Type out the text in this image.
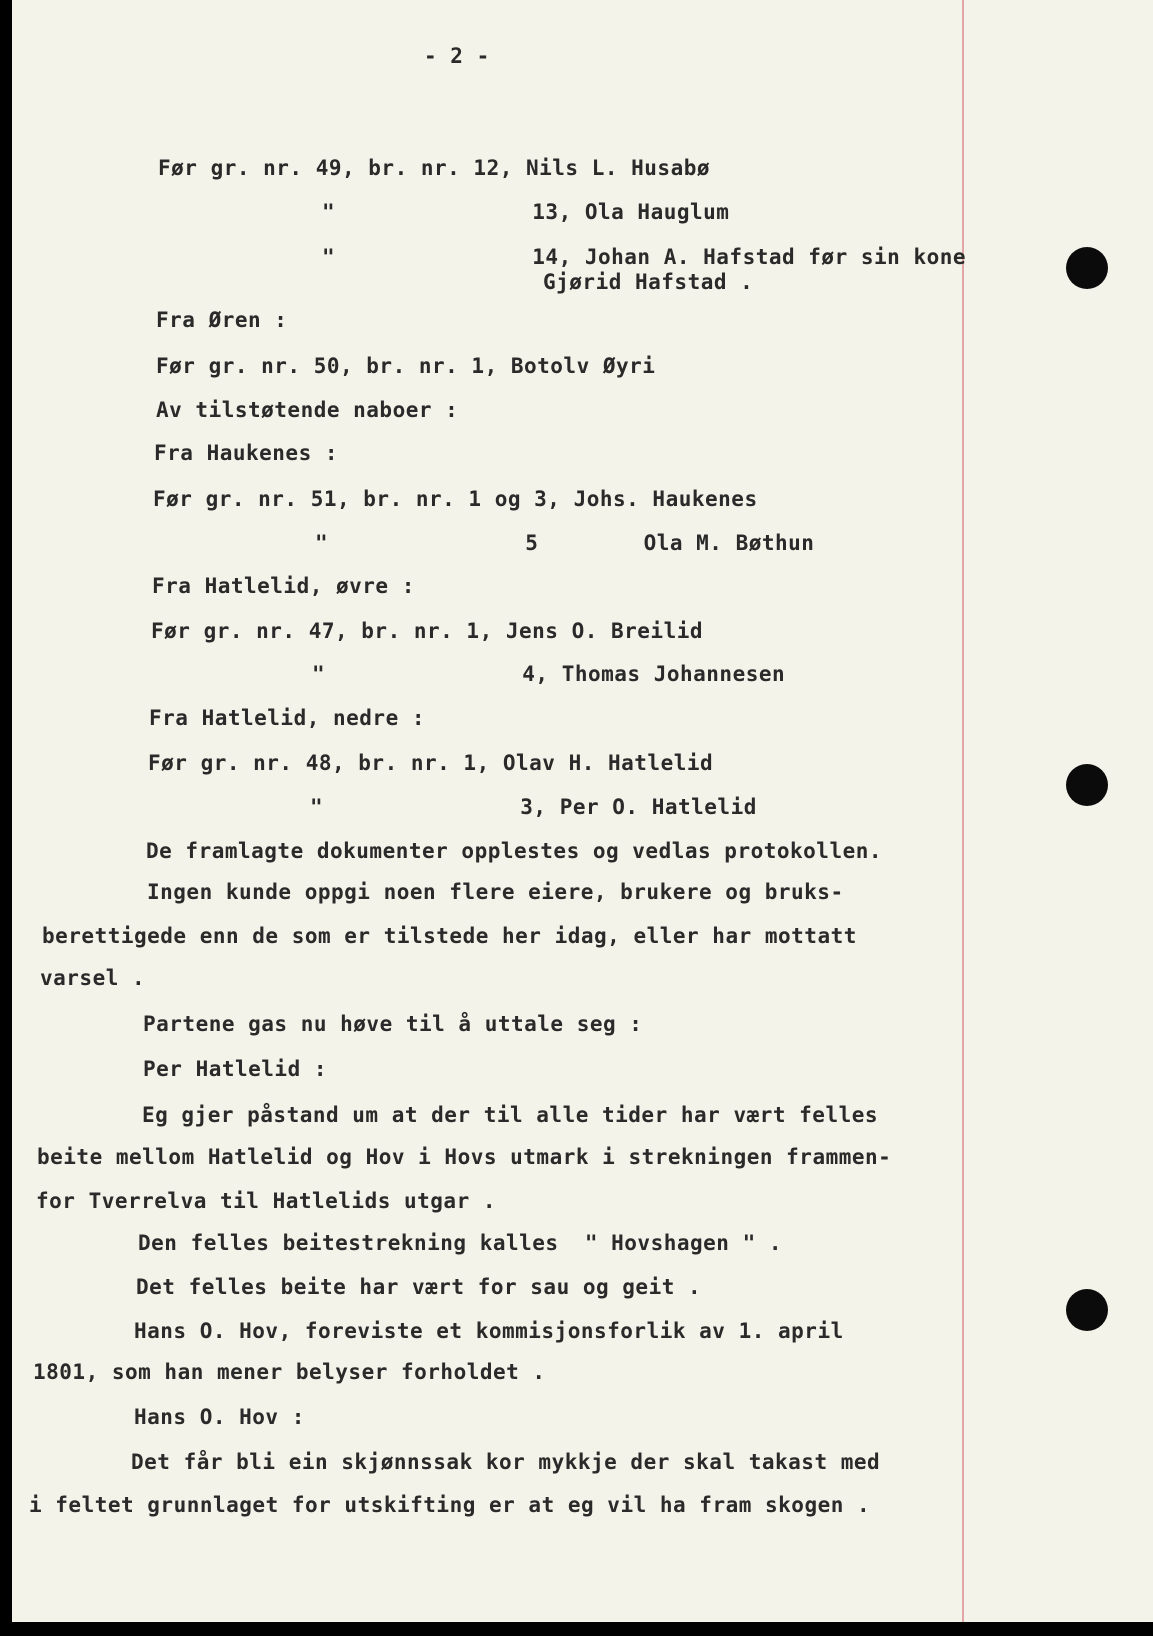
- 2 -
Før gr. nr. 49, br. nr. 12, Nils L. Husabø
"               13, Ola Hauglum
"               14, Johan A. Hafstad før sin kone
Gjørid Hafstad .
Fra Øren :
Før gr. nr. 50, br. nr. 1, Botolv Øyri
Av tilstøtende naboer :
Fra Haukenes :
Før gr. nr. 51, br. nr. 1 og 3, Johs. Haukenes
"               5        Ola M. Bøthun
Fra Hatlelid, øvre :
Før gr. nr. 47, br. nr. 1, Jens O. Breilid
"               4, Thomas Johannesen
Fra Hatlelid, nedre :
Før gr. nr. 48, br. nr. 1, Olav H. Hatlelid
"               3, Per O. Hatlelid
De framlagte dokumenter opplestes og vedlas protokollen.
Ingen kunde oppgi noen flere eiere, brukere og bruks-
berettigede enn de som er tilstede her idag, eller har mottatt
varsel .
Partene gas nu høve til å uttale seg :
Per Hatlelid :
Eg gjer påstand um at der til alle tider har vært felles
beite mellom Hatlelid og Hov i Hovs utmark i strekningen frammen-
for Tverrelva til Hatlelids utgar .
Den felles beitestrekning kalles  " Hovshagen " .
Det felles beite har vært for sau og geit .
Hans O. Hov, foreviste et kommisjonsforlik av 1. april
1801, som han mener belyser forholdet .
Hans O. Hov :
Det får bli ein skjønnssak kor mykkje der skal takast med
i feltet grunnlaget for utskifting er at eg vil ha fram skogen .
